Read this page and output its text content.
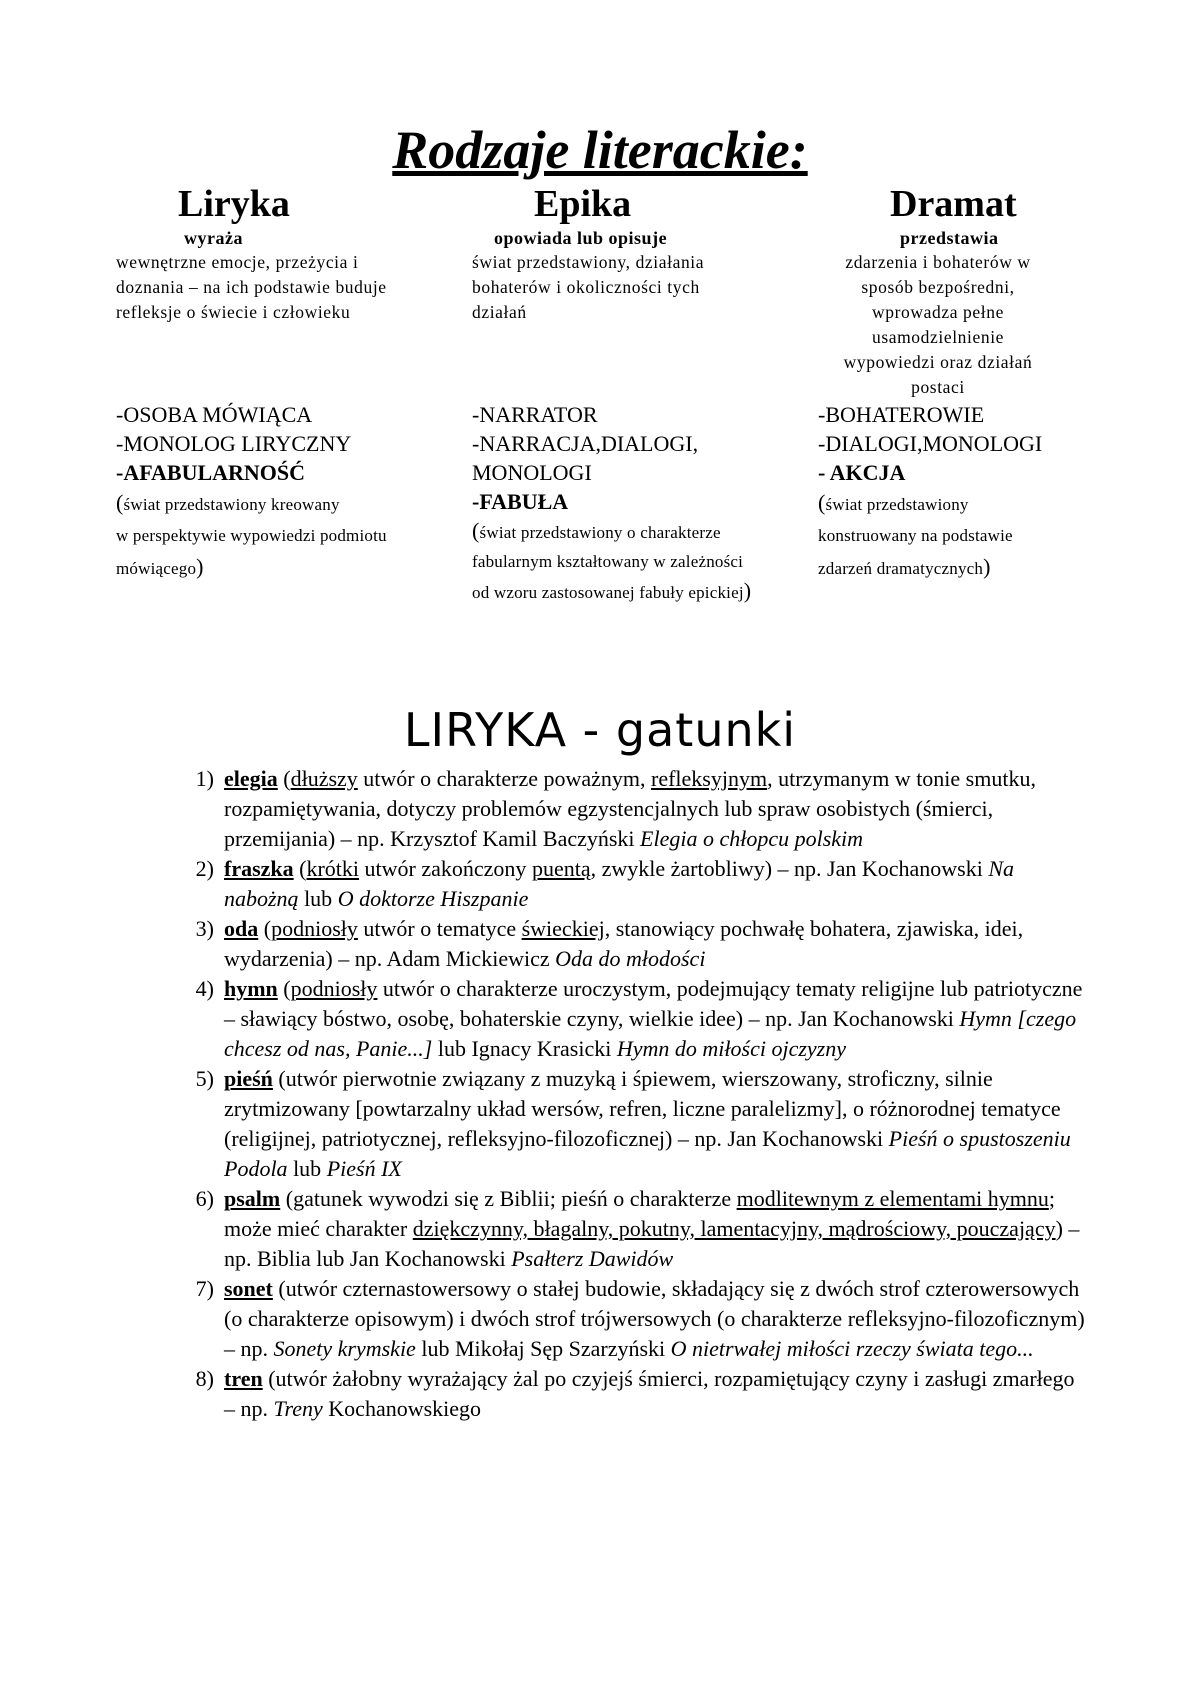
Rodzaje literackie:
Liryka
wyraża
wewnętrzne emocje, przeżycia i
doznania – na ich podstawie buduje
refleksje o świecie i człowieku
-OSOBA MÓWIĄCA
-MONOLOG LIRYCZNY
-AFABULARNOŚĆ
(świat przedstawiony kreowany
w perspektywie wypowiedzi podmiotu
mówiącego)
Epika
opowiada lub opisuje
świat przedstawiony, działania
bohaterów i okoliczności tych
działań
-NARRATOR
-NARRACJA,DIALOGI,
MONOLOGI
-FABUŁA
(świat przedstawiony o charakterze
fabularnym kształtowany w zależności
od wzoru zastosowanej fabuły epickiej)
Dramat
przedstawia
zdarzenia i bohaterów w
sposób bezpośredni,
wprowadza pełne
usamodzielnienie
wypowiedzi oraz działań
postaci
-BOHATEROWIE
-DIALOGI,MONOLOGI
- AKCJA
(świat przedstawiony
konstruowany na podstawie
zdarzeń dramatycznych)
LIRYKA - gatunki
1) elegia (dłuższy utwór o charakterze poważnym, refleksyjnym, utrzymanym w tonie smutku, rozpamiętywania, dotyczy problemów egzystencjalnych lub spraw osobistych (śmierci, przemijania) – np. Krzysztof Kamil Baczyński Elegia o chłopcu polskim
2) fraszka (krótki utwór zakończony puentą, zwykle żartobliwy) – np. Jan Kochanowski Na nabożną lub O doktorze Hiszpanie
3) oda (podniosły utwór o tematyce świeckiej, stanowiący pochwałę bohatera, zjawiska, idei, wydarzenia) – np. Adam Mickiewicz Oda do młodości
4) hymn (podniosły utwór o charakterze uroczystym, podejmujący tematy religijne lub patriotyczne – sławiący bóstwo, osobę, bohaterskie czyny, wielkie idee) – np. Jan Kochanowski Hymn [czego chcesz od nas, Panie...] lub Ignacy Krasicki Hymn do miłości ojczyzny
5) pieśń (utwór pierwotnie związany z muzyką i śpiewem, wierszowany, stroficzny, silnie zrytmizowany [powtarzalny układ wersów, refren, liczne paralelizmy], o różnorodnej tematyce (religijnej, patriotycznej, refleksyjno-filozoficznej) – np. Jan Kochanowski Pieśń o spustoszeniu Podola lub Pieśń IX
6) psalm (gatunek wywodzi się z Biblii; pieśń o charakterze modlitewnym z elementami hymnu; może mieć charakter dziękczynny, błagalny, pokutny, lamentacyjny, mądrościowy, pouczający) – np. Biblia lub Jan Kochanowski Psałterz Dawidów
7) sonet (utwór czternastowersowy o stałej budowie, składający się z dwóch strof czterowersowych (o charakterze opisowym) i dwóch strof trójwersowych (o charakterze refleksyjno-filozoficznym) – np. Sonety krymskie lub Mikołaj Sęp Szarzyński O nietrwałej miłości rzeczy świata tego...
8) tren (utwór żałobny wyrażający żal po czyjejś śmierci, rozpamiętujący czyny i zasługi zmarłego – np. Treny Kochanowskiego
